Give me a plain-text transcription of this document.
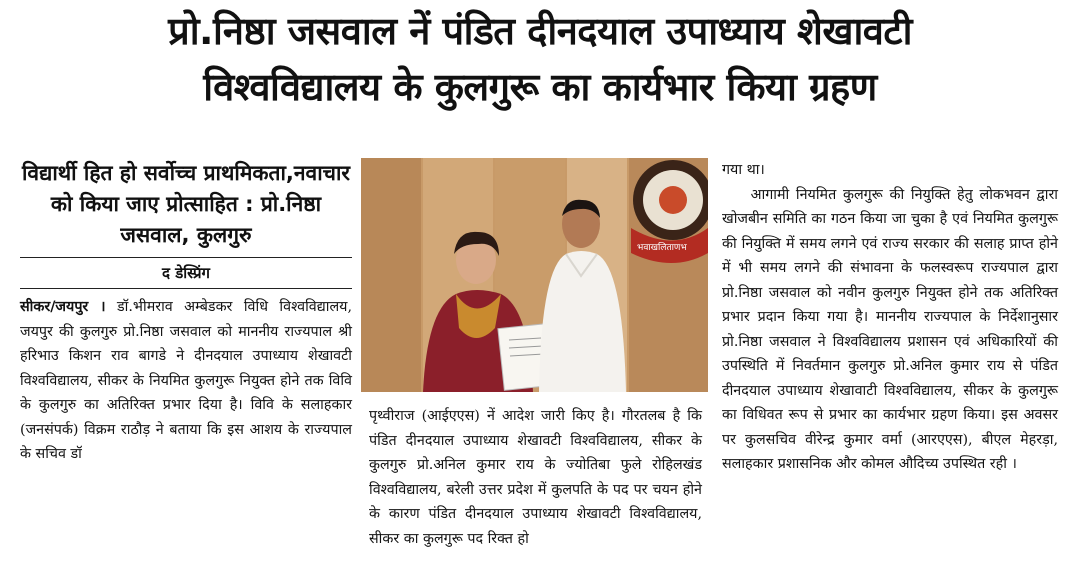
प्रो.निष्ठा जसवाल नें पंडित दीनदयाल उपाध्याय शेखावटी
विश्वविद्यालय के कुलगुरू का कार्यभार किया ग्रहण
विद्यार्थी हित हो सर्वोच्च प्राथमिकता,नवाचार को किया जाए प्रोत्साहित : प्रो.निष्ठा जसवाल, कुलगुरु
द डेस्प्रिंग
सीकर/जयपुर । डॉ.भीमराव अम्बेडकर विधि विश्वविद्यालय, जयपुर की कुलगुरु प्रो.निष्ठा जसवाल को माननीय राज्यपाल श्री हरिभाउ किशन राव बागडे ने दीनदयाल उपाध्याय शेखावटी विश्वविद्यालय, सीकर के नियमित कुलगुरू नियुक्त होने तक विवि के कुलगुरु का अतिरिक्त प्रभार दिया है। विवि के सलाहकार (जनसंपर्क) विक्रम राठौड़ ने बताया कि इस आशय के राज्यपाल के सचिव डॉ
भवाखलिताणभ
पृथ्वीराज (आईएएस) नें आदेश जारी किए है। गौरतलब है कि पंडित दीनदयाल उपाध्याय शेखावटी विश्वविद्यालय, सीकर के कुलगुरु प्रो.अनिल कुमार राय के ज्योतिबा फुले रोहिलखंड विश्वविद्यालय, बरेली उत्तर प्रदेश में कुलपति के पद पर चयन होने के कारण पंडित दीनदयाल उपाध्याय शेखावटी विश्वविद्यालय, सीकर का कुलगुरू पद रिक्त हो
गया था।
आगामी नियमित कुलगुरू की नियुक्ति हेतु लोकभवन द्वारा खोजबीन समिति का गठन किया जा चुका है एवं नियमित कुलगुरू की नियुक्ति में समय लगने एवं राज्य सरकार की सलाह प्राप्त होने में भी समय लगने की संभावना के फलस्वरूप राज्यपाल द्वारा प्रो.निष्ठा जसवाल को नवीन कुलगुरु नियुक्त होने तक अतिरिक्त प्रभार प्रदान किया गया है। माननीय राज्यपाल के निर्देशानुसार प्रो.निष्ठा जसवाल ने विश्वविद्यालय प्रशासन एवं अधिकारियों की उपस्थिति में निवर्तमान कुलगुरु प्रो.अनिल कुमार राय से पंडित दीनदयाल उपाध्याय शेखावाटी विश्वविद्यालय, सीकर के कुलगुरू का विधिवत रूप से प्रभार का कार्यभार ग्रहण किया। इस अवसर पर कुलसचिव वीरेन्द्र कुमार वर्मा (आरएएस), बीएल मेहरड़ा, सलाहकार प्रशासनिक और कोमल औदिच्य उपस्थित रही ।
